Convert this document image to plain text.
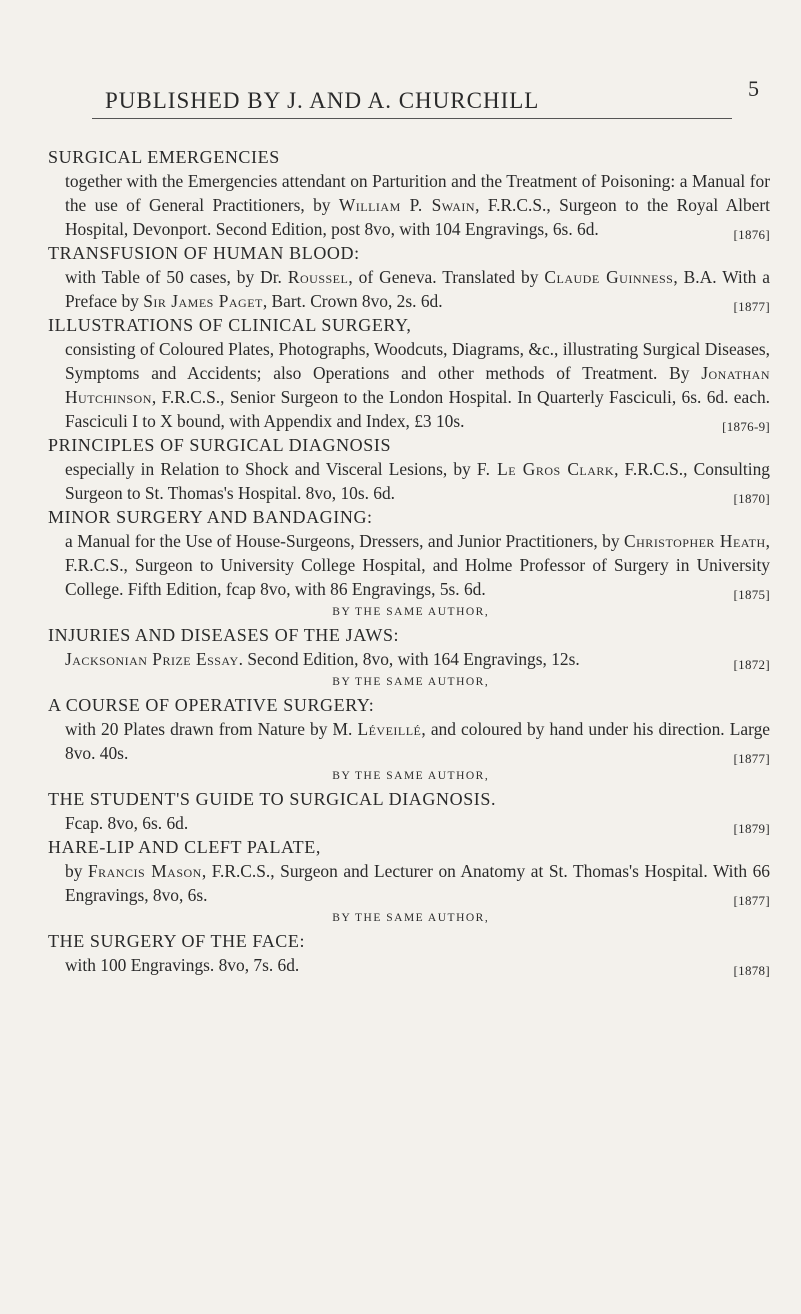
PUBLISHED BY J. AND A. CHURCHILL	5
SURGICAL EMERGENCIES
together with the Emergencies attendant on Parturition and the Treatment of Poisoning: a Manual for the use of General Practitioners, by William P. Swain, F.R.C.S., Surgeon to the Royal Albert Hospital, Devonport. Second Edition, post 8vo, with 104 Engravings, 6s. 6d.	[1876]
TRANSFUSION OF HUMAN BLOOD:
with Table of 50 cases, by Dr. Roussel, of Geneva. Translated by Claude Guinness, B.A. With a Preface by Sir James Paget, Bart. Crown 8vo, 2s. 6d.	[1877]
ILLUSTRATIONS OF CLINICAL SURGERY,
consisting of Coloured Plates, Photographs, Woodcuts, Diagrams, &c., illustrating Surgical Diseases, Symptoms and Accidents; also Operations and other methods of Treatment. By Jonathan Hutchinson, F.R.C.S., Senior Surgeon to the London Hospital. In Quarterly Fasciculi, 6s. 6d. each. Fasciculi I to X bound, with Appendix and Index, £3 10s.	[1876-9]
PRINCIPLES OF SURGICAL DIAGNOSIS
especially in Relation to Shock and Visceral Lesions, by F. Le Gros Clark, F.R.C.S., Consulting Surgeon to St. Thomas's Hospital. 8vo, 10s. 6d.	[1870]
MINOR SURGERY AND BANDAGING:
a Manual for the Use of House-Surgeons, Dressers, and Junior Practitioners, by Christopher Heath, F.R.C.S., Surgeon to University College Hospital, and Holme Professor of Surgery in University College. Fifth Edition, fcap 8vo, with 86 Engravings, 5s. 6d.	[1875]
BY THE SAME AUTHOR,
INJURIES AND DISEASES OF THE JAWS:
Jacksonian Prize Essay. Second Edition, 8vo, with 164 Engravings, 12s.	[1872]
BY THE SAME AUTHOR,
A COURSE OF OPERATIVE SURGERY:
with 20 Plates drawn from Nature by M. Léveillé, and coloured by hand under his direction. Large 8vo. 40s.	[1877]
BY THE SAME AUTHOR,
THE STUDENT'S GUIDE TO SURGICAL DIAGNOSIS.
Fcap. 8vo, 6s. 6d.	[1879]
HARE-LIP AND CLEFT PALATE,
by Francis Mason, F.R.C.S., Surgeon and Lecturer on Anatomy at St. Thomas's Hospital. With 66 Engravings, 8vo, 6s.	[1877]
BY THE SAME AUTHOR,
THE SURGERY OF THE FACE:
with 100 Engravings. 8vo, 7s. 6d.	[1878]
